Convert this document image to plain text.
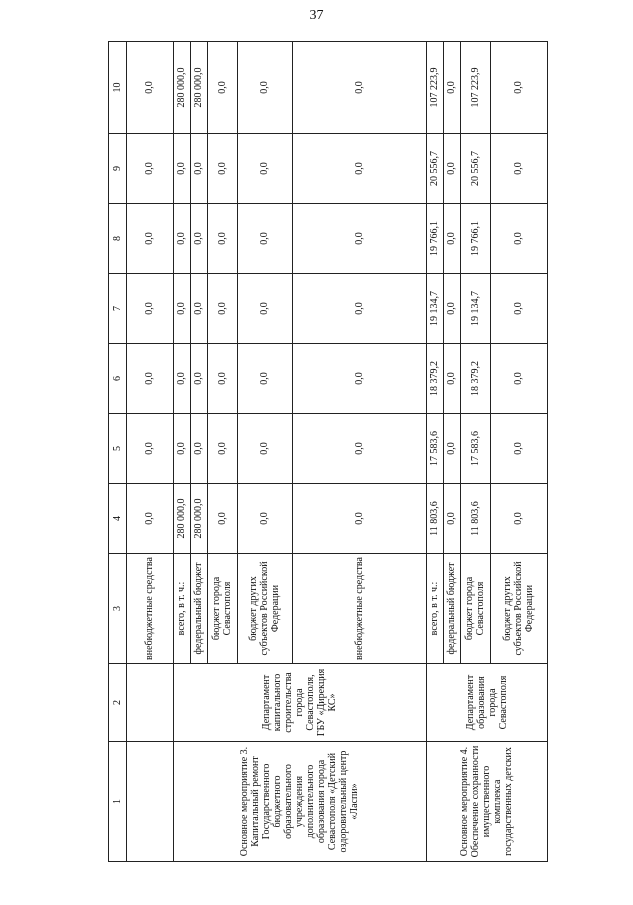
37
1	2	3	4	5	6	7	8	9	10
		внебюджетные средства	0,0	0,0	0,0	0,0	0,0	0,0	0,0
Основное мероприятие 3. Капитальный ремонт Государственного бюджетного образовательного учреждения дополнительного образования города Севастополя «Детский оздоровительный центр «Ласпи»	Департамент капитального строительства города Севастополя, ГБУ «Дирекция КС»	всего, в т. ч.:	280 000,0	0,0	0,0	0,0	0,0	0,0	280 000,0
		федеральный бюджет	280 000,0	0,0	0,0	0,0	0,0	0,0	280 000,0
		бюджет города Севастополя	0,0	0,0	0,0	0,0	0,0	0,0	0,0
		бюджет других субъектов Российской Федерации	0,0	0,0	0,0	0,0	0,0	0,0	0,0
		внебюджетные средства	0,0	0,0	0,0	0,0	0,0	0,0	0,0
Основное мероприятие 4. Обеспечение сохранности имущественного комплекса государственных детских	Департамент образования города Севастополя	всего, в т. ч.:	11 803,6	17 583,6	18 379,2	19 134,7	19 766,1	20 556,7	107 223,9
		федеральный бюджет	0,0	0,0	0,0	0,0	0,0	0,0	0,0
		бюджет города Севастополя	11 803,6	17 583,6	18 379,2	19 134,7	19 766,1	20 556,7	107 223,9
		бюджет других субъектов Российской Федерации	0,0	0,0	0,0	0,0	0,0	0,0	0,0
